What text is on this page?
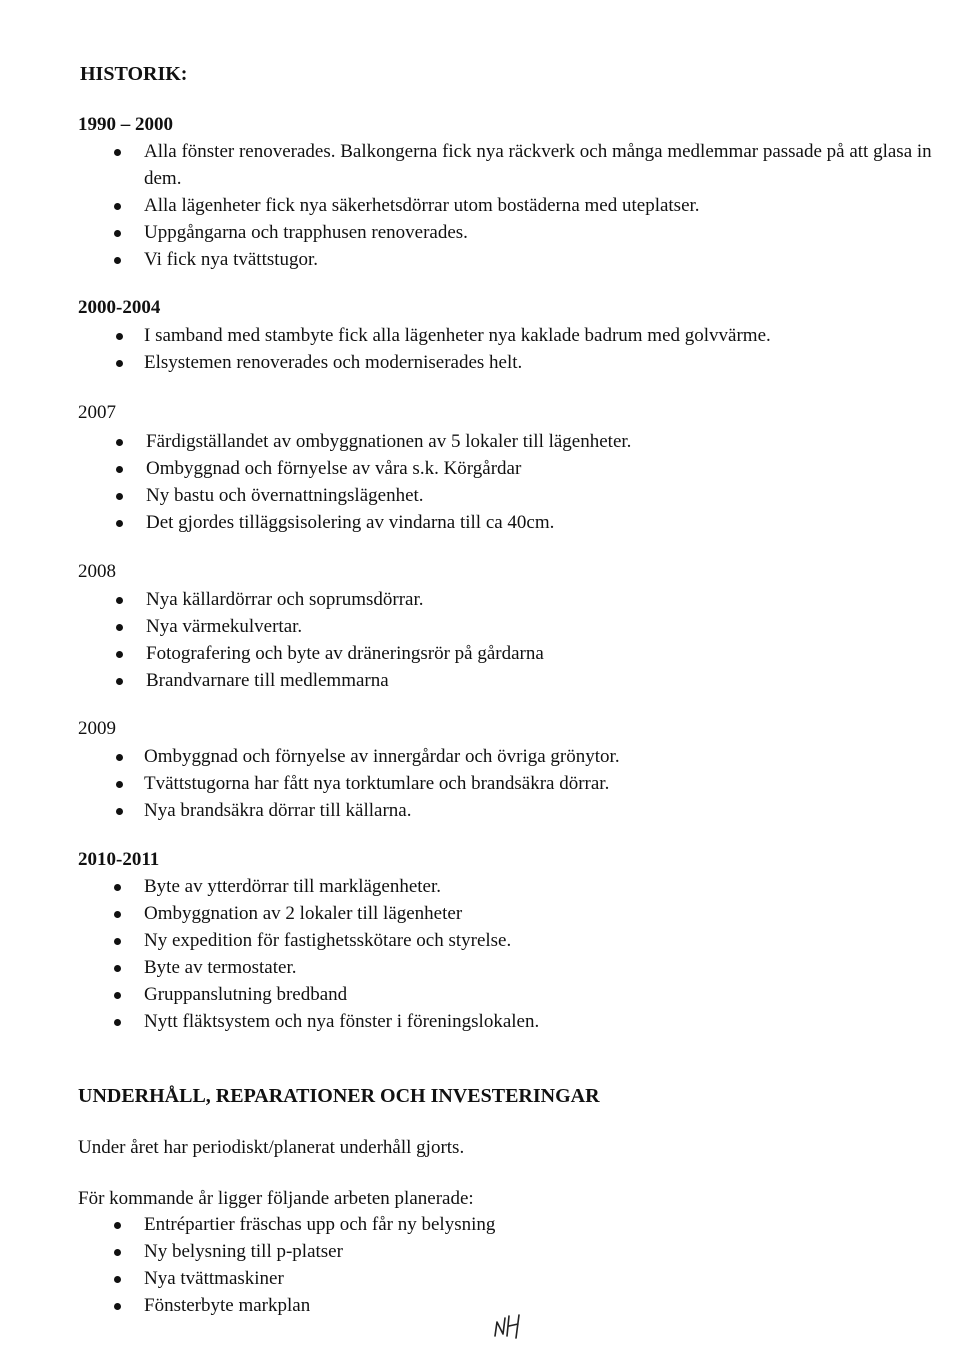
HISTORIK:
1990 – 2000
Alla fönster renoverades. Balkongerna fick nya räckverk och många medlemmar passade på att glasa in dem.
Alla lägenheter fick nya säkerhetsdörrar utom bostäderna med uteplatser.
Uppgångarna och trapphusen renoverades.
Vi fick nya tvättstugor.
2000-2004
I samband med stambyte fick alla lägenheter nya kaklade badrum med golvvärme.
Elsystemen renoverades och moderniserades helt.
2007
Färdigställandet av ombyggnationen av 5 lokaler till lägenheter.
Ombyggnad och förnyelse av våra s.k. Körgårdar
Ny bastu och övernattningslägenhet.
Det gjordes tilläggsisolering av vindarna till ca 40cm.
2008
Nya källardörrar och soprumsdörrar.
Nya värmekulvertar.
Fotografering och byte av dräneringsrör på gårdarna
Brandvarnare till medlemmarna
2009
Ombyggnad och förnyelse av innergårdar och övriga grönytor.
Tvättstugorna har fått nya torktumlare och brandsäkra dörrar.
Nya brandsäkra dörrar till källarna.
2010-2011
Byte av ytterdörrar till marklägenheter.
Ombyggnation av 2 lokaler till lägenheter
Ny expedition för fastighetsskötare och styrelse.
Byte av termostater.
Gruppanslutning bredband
Nytt fläktsystem och nya fönster i föreningslokalen.
UNDERHÅLL, REPARATIONER OCH INVESTERINGAR
Under året har periodiskt/planerat underhåll gjorts.
För kommande år ligger följande arbeten planerade:
Entrépartier fräschas upp och får ny belysning
Ny belysning till p-platser
Nya tvättmaskiner
Fönsterbyte markplan
